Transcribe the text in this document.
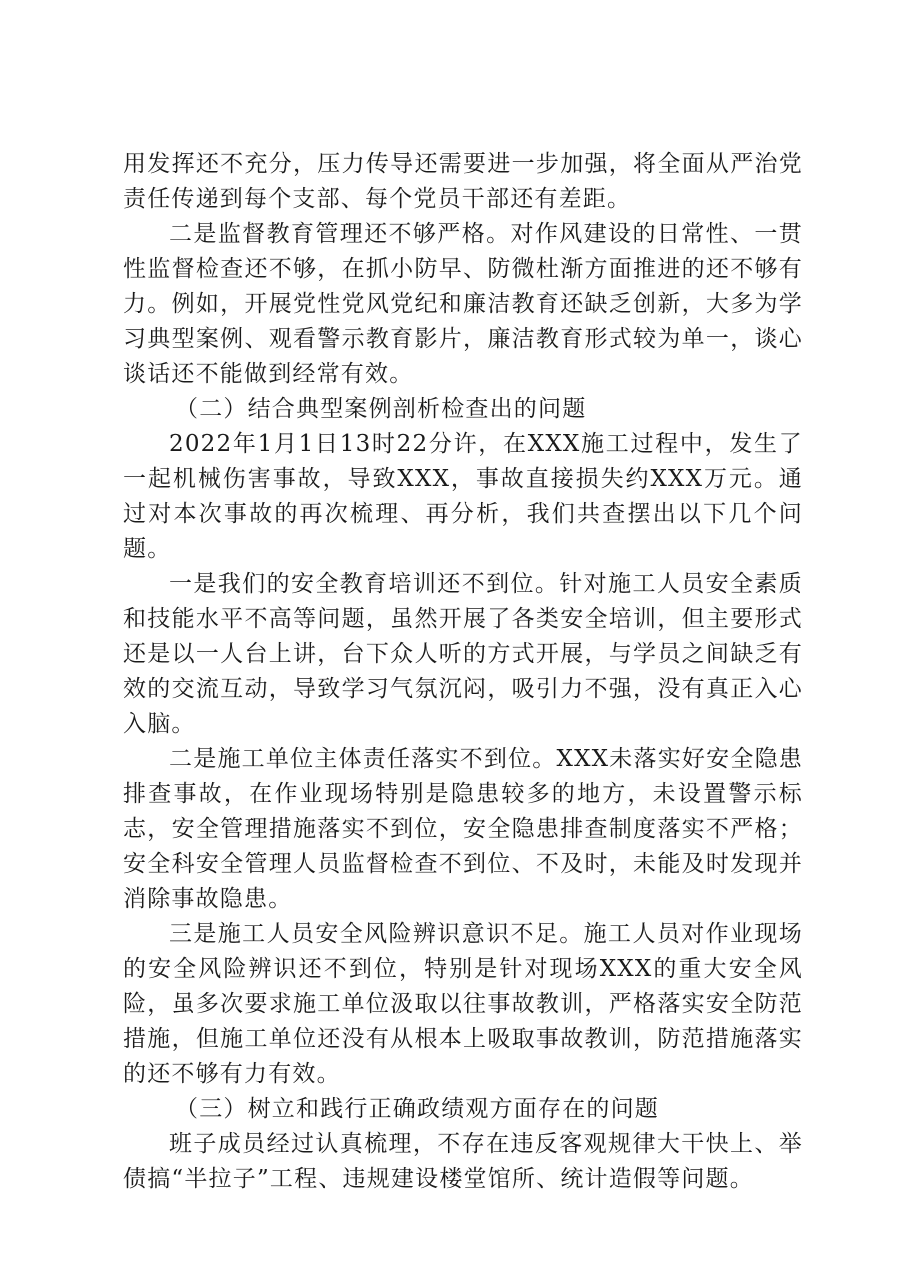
用发挥还不充分，压力传导还需要进一步加强，将全面从严治党责任传递到每个支部、每个党员干部还有差距。

二是监督教育管理还不够严格。对作风建设的日常性、一贯性监督检查还不够，在抓小防早、防微杜渐方面推进的还不够有力。例如，开展党性党风党纪和廉洁教育还缺乏创新，大多为学习典型案例、观看警示教育影片，廉洁教育形式较为单一，谈心谈话还不能做到经常有效。

（二）结合典型案例剖析检查出的问题

2022年1月1日13时22分许，在XXX施工过程中，发生了一起机械伤害事故，导致XXX，事故直接损失约XXX万元。通过对本次事故的再次梳理、再分析，我们共查摆出以下几个问题。

一是我们的安全教育培训还不到位。针对施工人员安全素质和技能水平不高等问题，虽然开展了各类安全培训，但主要形式还是以一人台上讲，台下众人听的方式开展，与学员之间缺乏有效的交流互动，导致学习气氛沉闷，吸引力不强，没有真正入心入脑。

二是施工单位主体责任落实不到位。XXX未落实好安全隐患排查事故，在作业现场特别是隐患较多的地方，未设置警示标志，安全管理措施落实不到位，安全隐患排查制度落实不严格；安全科安全管理人员监督检查不到位、不及时，未能及时发现并消除事故隐患。

三是施工人员安全风险辨识意识不足。施工人员对作业现场的安全风险辨识还不到位，特别是针对现场XXX的重大安全风险，虽多次要求施工单位汲取以往事故教训，严格落实安全防范措施，但施工单位还没有从根本上吸取事故教训，防范措施落实的还不够有力有效。

（三）树立和践行正确政绩观方面存在的问题

班子成员经过认真梳理，不存在违反客观规律大干快上、举债搞“半拉子”工程、违规建设楼堂馆所、统计造假等问题。
